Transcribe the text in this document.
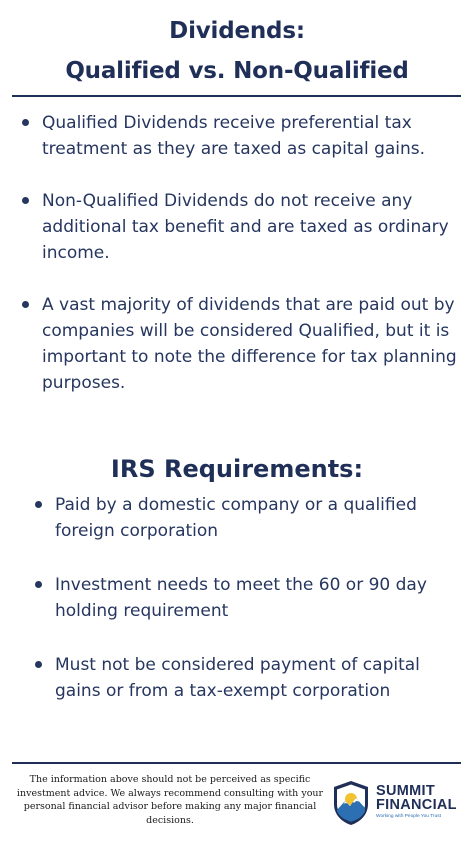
Dividends:
Qualified vs. Non-Qualified
Qualified Dividends receive preferential tax treatment as they are taxed as capital gains.
Non-Qualified Dividends do not receive any additional tax benefit and are taxed as ordinary income.
A vast majority of dividends that are paid out by companies will be considered Qualified, but it is important to note the difference for tax planning purposes.
IRS Requirements:
Paid by a domestic company or a qualified foreign corporation
Investment needs to meet the 60 or 90 day holding requirement
Must not be considered payment of capital gains or from a tax-exempt corporation
The information above should not be perceived as specific investment advice. We always recommend consulting with your personal financial advisor before making any major financial decisions.
SUMMIT
FINANCIAL
Working with People You Trust
